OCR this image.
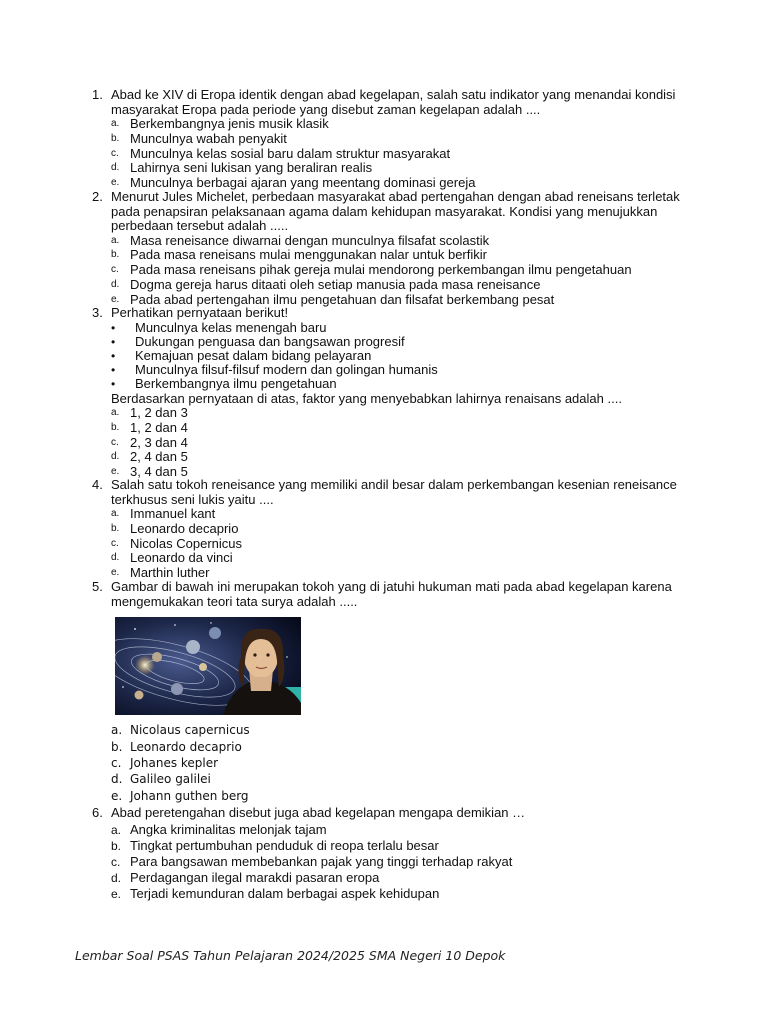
1. Abad ke XIV di Eropa identik dengan abad kegelapan, salah satu indikator yang menandai kondisi masyarakat Eropa pada periode yang disebut zaman kegelapan adalah ....
a. Berkembangnya jenis musik klasik
b. Munculnya wabah penyakit
c. Munculnya kelas sosial baru dalam struktur masyarakat
d. Lahirnya seni lukisan yang beraliran realis
e. Munculnya berbagai ajaran yang meentang dominasi gereja
2. Menurut Jules Michelet, perbedaan masyarakat abad pertengahan dengan abad reneisans terletak pada penapsiran pelaksanaan agama dalam kehidupan masyarakat. Kondisi yang menujukkan perbedaan tersebut adalah .....
a. Masa reneisance diwarnai dengan munculnya filsafat scolastik
b. Pada masa reneisans mulai menggunakan nalar untuk berfikir
c. Pada masa reneisans pihak gereja mulai mendorong perkembangan ilmu pengetahuan
d. Dogma gereja harus ditaati oleh setiap manusia pada masa reneisance
e. Pada abad pertengahan ilmu pengetahuan dan filsafat berkembang pesat
3. Perhatikan pernyataan berikut!
• Munculnya kelas menengah baru
• Dukungan penguasa dan bangsawan progresif
• Kemajuan pesat dalam bidang pelayaran
• Munculnya filsuf-filsuf modern dan golingan humanis
• Berkembangnya ilmu pengetahuan
Berdasarkan pernyataan di atas, faktor yang menyebabkan lahirnya renaisans adalah ....
a. 1, 2 dan 3
b. 1, 2 dan 4
c. 2, 3 dan 4
d. 2, 4 dan 5
e. 3, 4 dan 5
4. Salah satu tokoh reneisance yang memiliki andil besar dalam perkembangan kesenian reneisance terkhusus seni lukis yaitu ....
a. Immanuel kant
b. Leonardo decaprio
c. Nicolas Copernicus
d. Leonardo da vinci
e. Marthin luther
5. Gambar di bawah ini merupakan tokoh yang di jatuhi hukuman mati pada abad kegelapan karena mengemukakan teori tata surya adalah .....
a. Nicolaus capernicus
b. Leonardo decaprio
c. Johanes kepler
d. Galileo galilei
e. Johann guthen berg
6. Abad peretengahan disebut juga abad kegelapan mengapa demikian …
a. Angka kriminalitas melonjak tajam
b. Tingkat pertumbuhan penduduk di reopa terlalu besar
c. Para bangsawan membebankan pajak yang tinggi terhadap rakyat
d. Perdagangan ilegal marakdi pasaran eropa
e. Terjadi kemunduran dalam berbagai aspek kehidupan
Lembar Soal PSAS Tahun Pelajaran 2024/2025 SMA Negeri 10 Depok
